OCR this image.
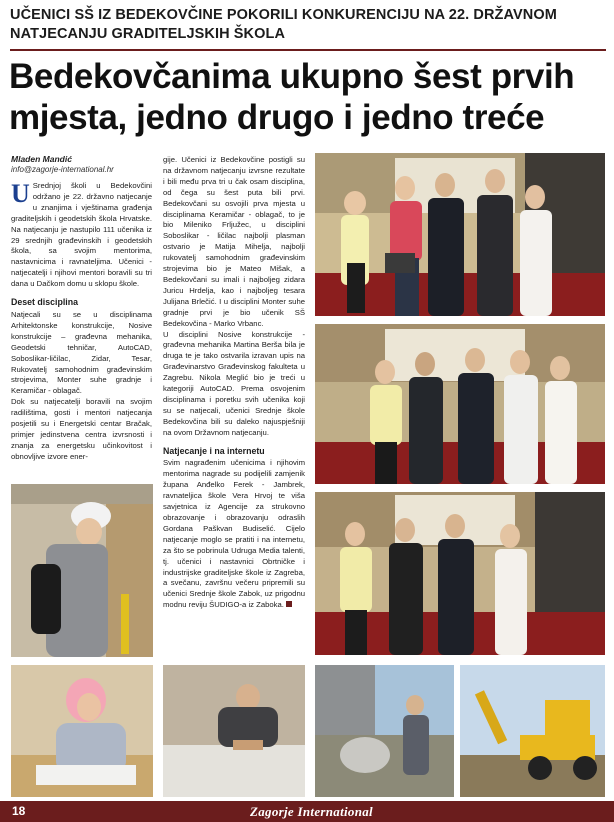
UČENICI SŠ IZ BEDEKOVČINE POKORILI KONKURENCIJU NA 22. DRŽAVNOM NATJECANJU GRADITELJSKIH ŠKOLA
Bedekovčanima ukupno šest prvih mjesta, jedno drugo i jedno treće
Mladen Mandić
info@zagorje-international.hr

U Srednjoj školi u Bedekovčini održano je 22. državno natjecanje u znanjima i vještinama građenja graditeljskih i geodetskih škola Hrvatske. Na natjecanju je nastupilo 111 učenika iz 29 srednjih građevinskih i geodetskih škola, sa svojim mentorima, nastavnicima i ravnateljima. Učenici - natjecatelji i njihovi mentori boravili su tri dana u Dačkom domu u sklopu škole.

Deset disciplina

Natjecali su se u disciplinama Arhitektonske konstrukcije, Nosive konstrukcije – građevna mehanika, Geodetski tehničar, AutoCAD, Soboslikar-ličilac, Zidar, Tesar, Rukovatelj samohodnim građevinskim strojevima, Monter suhe gradnje i Keramičar - oblagač.

Dok su natjecatelji boravili na svojim radilištima, gosti i mentori natjecanja posjetili su i Energetski centar Bračak, primjer jedinstvena centra izvrsnosti i znanja za energetsku učinkovitost i obnovljive izvore ener-

gije. Učenici iz Bedekovčine postigli su na državnom natjecanju izvrsne rezultate i bili među prva tri u čak osam disciplina, od čega su šest puta bili prvi. Bedekovčani su osvojili prva mjesta u disciplinama Keramičar - oblagač, to je bio Mileniko Frljužec, u disciplini Soboslikar - ličilac najbolji plasman ostvario je Matija Mihelja, najbolji rukovatelj samohodnim građevinskim strojevima bio je Mateo Mišak, a Bedekovčani su imali i najboljeg zidara Juricu Hrdelja, kao i najboljeg tesara Julijana Brlečić. I u disciplini Monter suhe gradnje prvi je bio učenik SŠ Bedekovčina - Marko Vrbanc.

U disciplini Nosive konstrukcije - građevna mehanika Martina Berša bila je druga te je tako ostvarila izravan upis na Građevinarstvo Građevinskog fakulteta u Zagrebu. Nikola Meglić bio je treći u kategoriji AutoCAD. Prema osvojenim disciplinama i poretku svih učenika koji su se natjecali, učenici Srednje škole Bedekovčina bili su daleko najuspješniji na ovom Državnom natjecanju.

Natjecanje i na internetu

Svim nagrađenim učenicima i njihovim mentorima nagrade su podijelili zamjenik župana Anđelko Ferek - Jambrek, ravnateljica škole Vera Hrvoj te viša savjetnica iz Agencije za strukovno obrazovanje i obrazovanju odraslih Gordana Paškvan Budiselić. Cijelo natjecanje moglo se pratiti i na internetu, za što se pobrinula Udruga Media talenti, tj. učenici i nastavnici Obrtničke i industrijske graditeljske škole iz Zagreba, a svečanu, završnu večeru pripremili su učenici Srednje škole Zabok, uz prigodnu modnu reviju ŠUDIGO-a iz Zaboka.

18	Zagorje International
